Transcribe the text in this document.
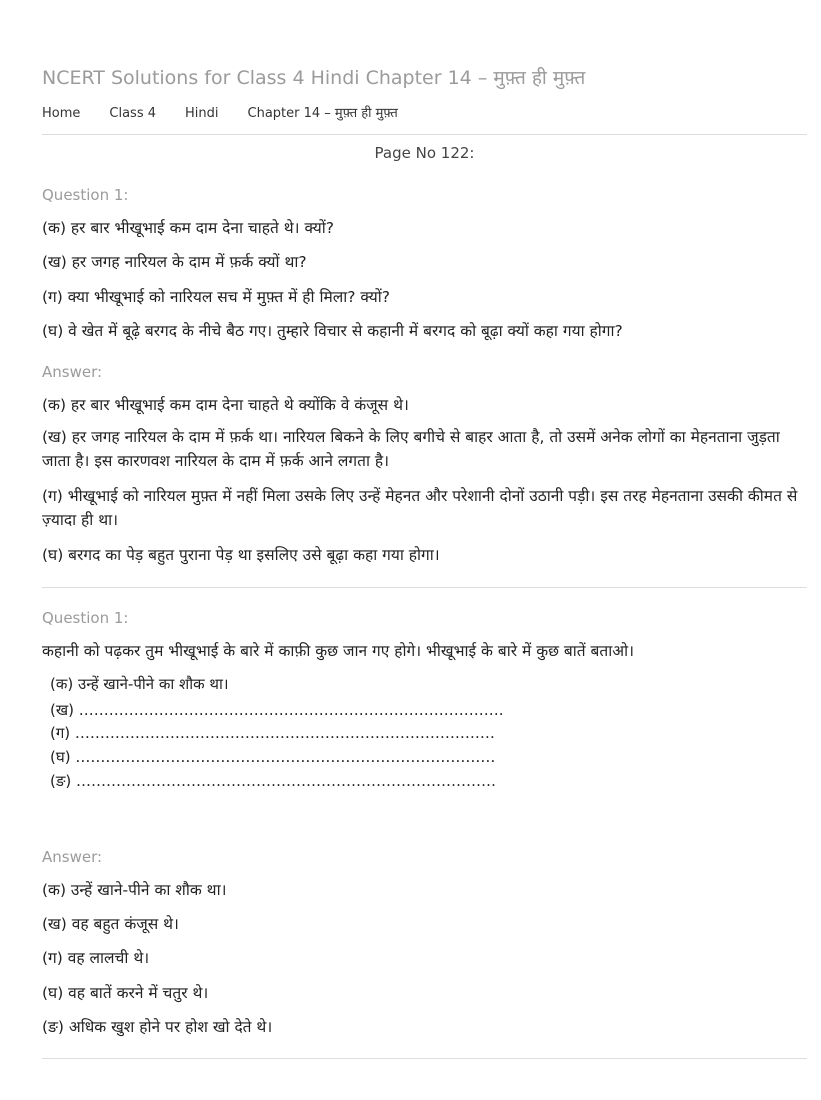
NCERT Solutions for Class 4 Hindi Chapter 14 – मुफ़्त ही मुफ़्त
Home Class 4 Hindi Chapter 14 – मुफ़्त ही मुफ़्त
Page No 122:
Question 1:
(क) हर बार भीखूभाई कम दाम देना चाहते थे। क्यों?
(ख) हर जगह नारियल के दाम में फ़र्क क्यों था?
(ग) क्या भीखूभाई को नारियल सच में मुफ़्त में ही मिला? क्यों?
(घ) वे खेत में बूढ़े बरगद के नीचे बैठ गए। तुम्हारे विचार से कहानी में बरगद को बूढ़ा क्यों कहा गया होगा?
Answer:
(क) हर बार भीखूभाई कम दाम देना चाहते थे क्योंकि वे कंजूस थे।
(ख) हर जगह नारियल के दाम में फ़र्क था। नारियल बिकने के लिए बगीचे से बाहर आता है, तो उसमें अनेक लोगों का मेहनताना जुड़ता जाता है। इस कारणवश नारियल के दाम में फ़र्क आने लगता है।
(ग) भीखूभाई को नारियल मुफ़्त में नहीं मिला उसके लिए उन्हें मेहनत और परेशानी दोनों उठानी पड़ी। इस तरह मेहनताना उसकी कीमत से ज़्यादा ही था।
(घ) बरगद का पेड़ बहुत पुराना पेड़ था इसलिए उसे बूढ़ा कहा गया होगा।
Question 1:
कहानी को पढ़कर तुम भीखूभाई के बारे में काफ़ी कुछ जान गए होगे। भीखूभाई के बारे में कुछ बातें बताओ।
(क) उन्हें खाने-पीने का शौक था।
(ख) ………………………………………………………………………….
(ग) …………………………………………………………………………
(घ) …………………………………………………………………………
(ङ) …………………………………………………………………………
Answer:
(क) उन्हें खाने-पीने का शौक था।
(ख) वह बहुत कंजूस थे।
(ग) वह लालची थे।
(घ) वह बातें करने में चतुर थे।
(ङ) अधिक खुश होने पर होश खो देते थे।
